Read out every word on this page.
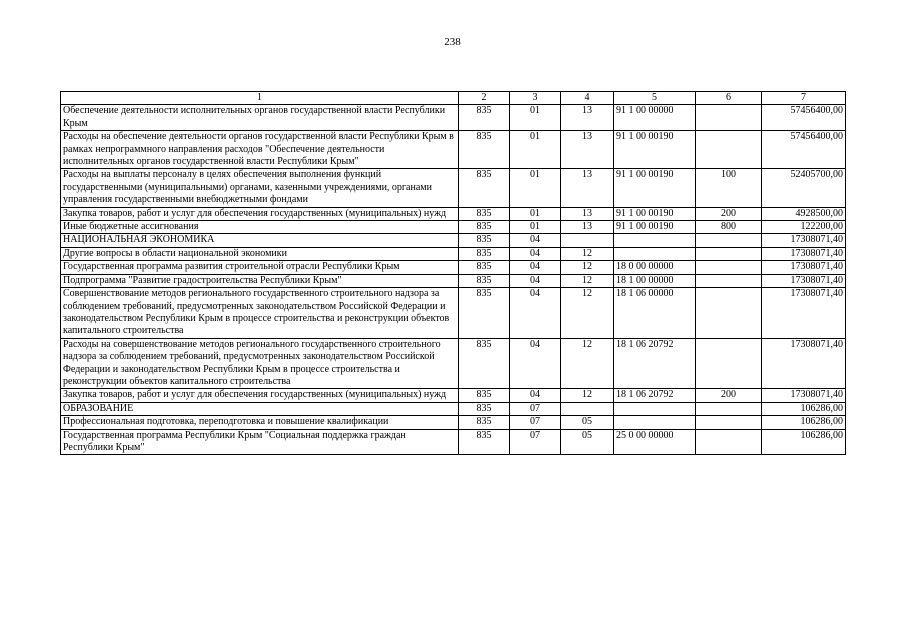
238
1	2	3	4	5	6	7
Обеспечение деятельности исполнительных органов государственной власти Республики Крым	835	01	13	91 1 00 00000		57456400,00
Расходы на обеспечение деятельности органов государственной власти Республики Крым в рамках непрограммного направления расходов "Обеспечение деятельности исполнительных органов государственной власти Республики Крым"	835	01	13	91 1 00 00190		57456400,00
Расходы на выплаты персоналу в целях обеспечения выполнения функций государственными (муниципальными) органами, казенными учреждениями, органами управления государственными внебюджетными фондами	835	01	13	91 1 00 00190	100	52405700,00
Закупка товаров, работ и услуг для обеспечения государственных (муниципальных) нужд	835	01	13	91 1 00 00190	200	4928500,00
Иные бюджетные ассигнования	835	01	13	91 1 00 00190	800	122200,00
НАЦИОНАЛЬНАЯ ЭКОНОМИКА	835	04				17308071,40
Другие вопросы в области национальной экономики	835	04	12			17308071,40
Государственная программа развития строительной отрасли Республики Крым	835	04	12	18 0 00 00000		17308071,40
Подпрограмма "Развитие градостроительства Республики Крым"	835	04	12	18 1 00 00000		17308071,40
Совершенствование методов регионального государственного строительного надзора за соблюдением требований, предусмотренных законодательством Российской Федерации и законодательством Республики Крым в процессе строительства и реконструкции объектов капитального строительства	835	04	12	18 1 06 00000		17308071,40
Расходы на совершенствование методов регионального государственного строительного надзора за соблюдением требований, предусмотренных законодательством Российской Федерации и законодательством Республики Крым в процессе строительства и реконструкции объектов капитального строительства	835	04	12	18 1 06 20792		17308071,40
Закупка товаров, работ и услуг для обеспечения государственных (муниципальных) нужд	835	04	12	18 1 06 20792	200	17308071,40
ОБРАЗОВАНИЕ	835	07				106286,00
Профессиональная подготовка, переподготовка и повышение квалификации	835	07	05			106286,00
Государственная программа Республики Крым "Социальная поддержка граждан Республики Крым"	835	07	05	25 0 00 00000		106286,00
